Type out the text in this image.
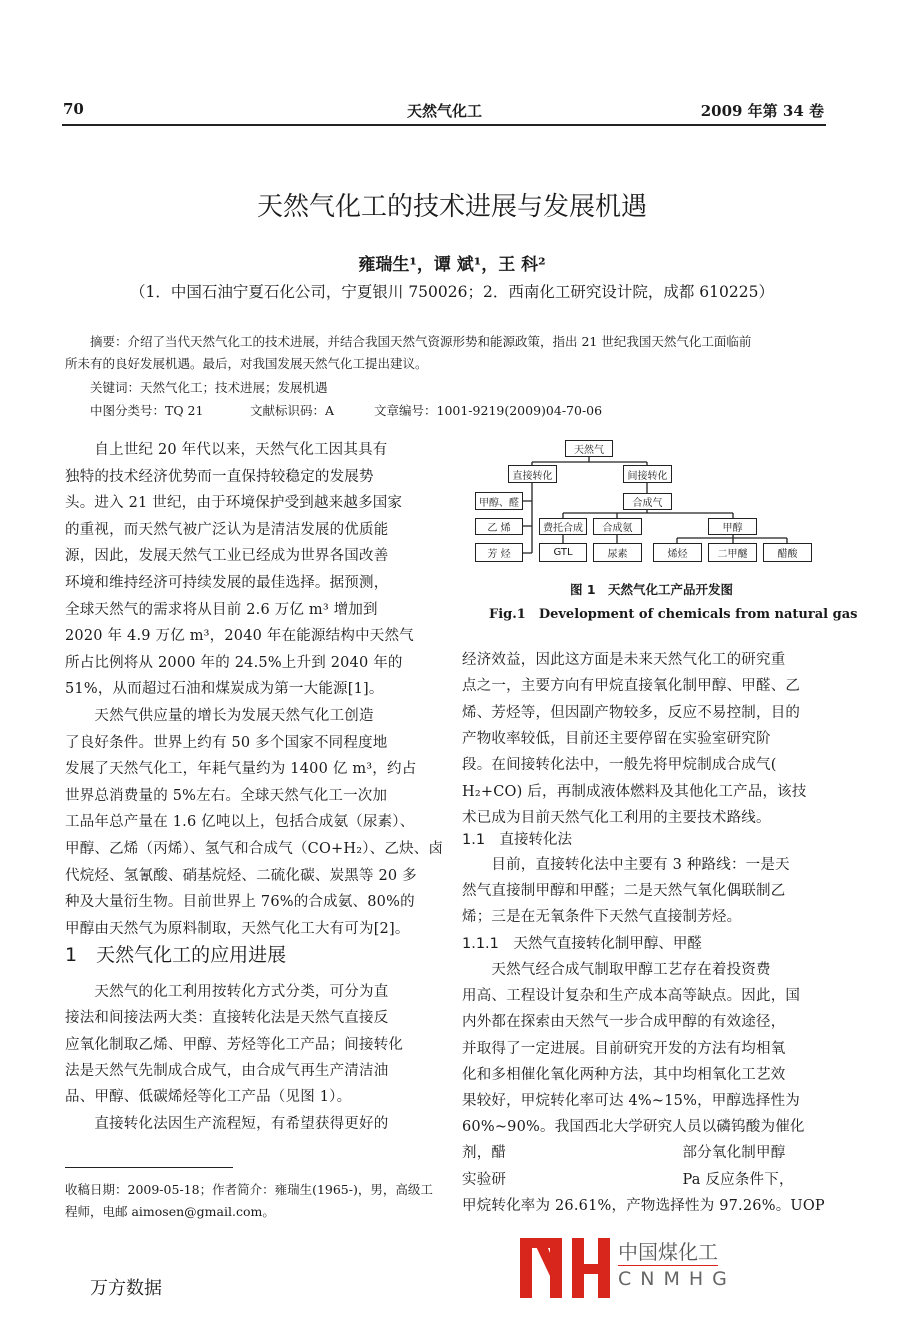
70	天然气化工	2009 年第 34 卷
天然气化工的技术进展与发展机遇
雍瑞生¹，谭 斌¹，王 科²
（1．中国石油宁夏石化公司，宁夏银川 750026；2．西南化工研究设计院，成都 610225）
摘要：介绍了当代天然气化工的技术进展，并结合我国天然气资源形势和能源政策，指出 21 世纪我国天然气化工面临前
所未有的良好发展机遇。最后，对我国发展天然气化工提出建议。
关键词：天然气化工；技术进展；发展机遇
中图分类号：TQ 21	文献标识码：A	文章编号：1001-9219(2009)04-70-06
　　自上世纪 20 年代以来，天然气化工因其具有
独特的技术经济优势而一直保持较稳定的发展势
头。进入 21 世纪，由于环境保护受到越来越多国家
的重视，而天然气被广泛认为是清洁发展的优质能
源，因此，发展天然气工业已经成为世界各国改善
环境和维持经济可持续发展的最佳选择。据预测，
全球天然气的需求将从目前 2.6 万亿 m³ 增加到
2020 年 4.9 万亿 m³，2040 年在能源结构中天然气
所占比例将从 2000 年的 24.5%上升到 2040 年的
51%，从而超过石油和煤炭成为第一大能源[1]。
　　天然气供应量的增长为发展天然气化工创造
了良好条件。世界上约有 50 多个国家不同程度地
发展了天然气化工，年耗气量约为 1400 亿 m³，约占
世界总消费量的 5%左右。全球天然气化工一次加
工品年总产量在 1.6 亿吨以上，包括合成氨（尿素）、
甲醇、乙烯（丙烯）、氢气和合成气（CO+H₂）、乙炔、卤
代烷烃、氢氰酸、硝基烷烃、二硫化碳、炭黑等 20 多
种及大量衍生物。目前世界上 76%的合成氨、80%的
甲醇由天然气为原料制取，天然气化工大有可为[2]。
1　天然气化工的应用进展
　　天然气的化工利用按转化方式分类，可分为直
接法和间接法两大类：直接转化法是天然气直接反
应氧化制取乙烯、甲醇、芳烃等化工产品；间接转化
法是天然气先制成合成气，由合成气再生产清洁油
品、甲醇、低碳烯烃等化工产品（见图 1）。
　　直接转化法因生产流程短，有希望获得更好的
收稿日期：2009-05-18；作者简介：雍瑞生(1965-)，男，高级工
程师，电邮 aimosen@gmail.com。
万方数据
天然气
直接转化	间接转化
甲醇、醛	合成气
乙 烯	费托合成	合成氨	甲醇
芳 烃	GTL	尿素	烯烃	二甲醚	醋酸
图 1　天然气化工产品开发图
Fig.1　Development of chemicals from natural gas
经济效益，因此这方面是未来天然气化工的研究重
点之一，主要方向有甲烷直接氧化制甲醇、甲醛、乙
烯、芳烃等，但因副产物较多，反应不易控制，目的
产物收率较低，目前还主要停留在实验室研究阶
段。在间接转化法中，一般先将甲烷制成合成气(
H₂+CO) 后，再制成液体燃料及其他化工产品，该技
术已成为目前天然气化工利用的主要技术路线。
1.1　直接转化法
　　目前，直接转化法中主要有 3 种路线：一是天
然气直接制甲醇和甲醛；二是天然气氧化偶联制乙
烯；三是在无氧条件下天然气直接制芳烃。
1.1.1　天然气直接转化制甲醇、甲醛
　　天然气经合成气制取甲醇工艺存在着投资费
用高、工程设计复杂和生产成本高等缺点。因此，国
内外都在探索由天然气一步合成甲醇的有效途径，
并取得了一定进展。目前研究开发的方法有均相氧
化和多相催化氧化两种方法，其中均相氧化工艺效
果较好，甲烷转化率可达 4%~15%，甲醇选择性为
60%~90%。我国西北大学研究人员以磷钨酸为催化
剂，醋　　　　　　　　　　　　部分氧化制甲醇
实验研　　　　　　　　　　　　Pa 反应条件下，
甲烷转化率为 26.61%，产物选择性为 97.26%。UOP
中国煤化工
CNMHG
